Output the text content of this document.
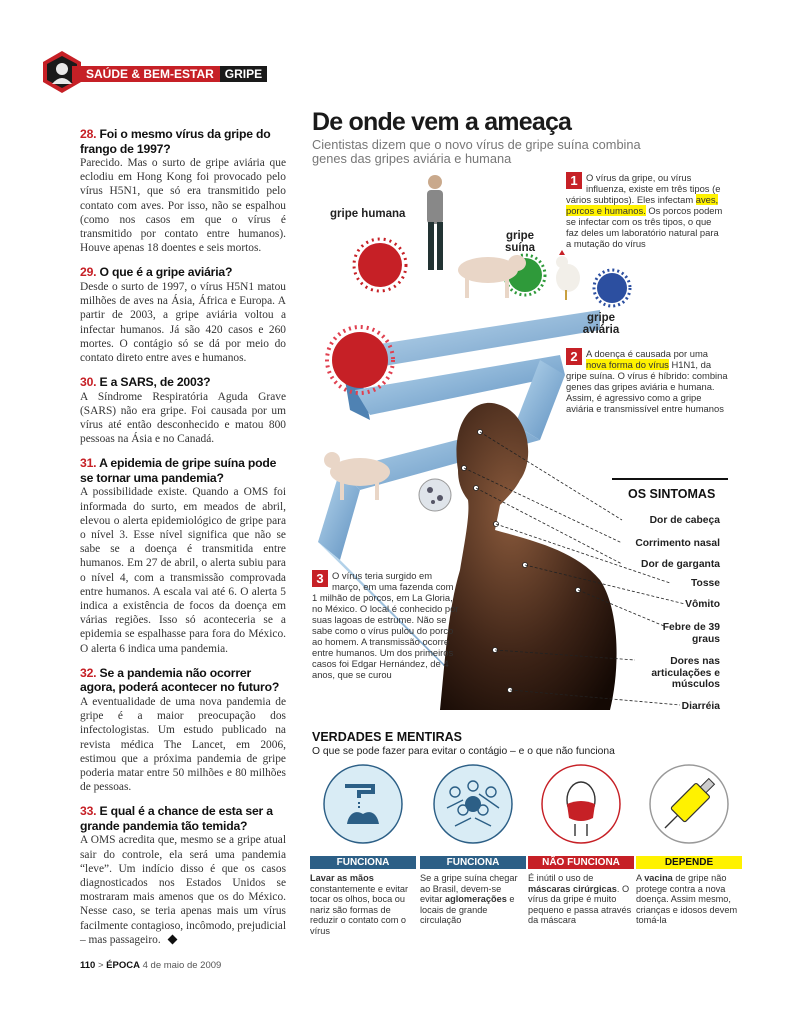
SAÚDE & BEM-ESTAR GRIPE
28. Foi o mesmo vírus da gripe do frango de 1997?

Parecido. Mas o surto de gripe aviária que eclodiu em Hong Kong foi provocado pelo vírus H5N1, que só era transmitido pelo contato com aves. Por isso, não se espalhou (como nos casos em que o vírus é transmitido por contato entre humanos). Houve apenas 18 doentes e seis mortos.

29. O que é a gripe aviária?

Desde o surto de 1997, o vírus H5N1 matou milhões de aves na Ásia, África e Europa. A partir de 2003, a gripe aviária voltou a infectar humanos. Já são 420 casos e 260 mortes. O contágio só se dá por meio do contato direto entre aves e humanos.

30. E a SARS, de 2003?

A Síndrome Respiratória Aguda Grave (SARS) não era gripe. Foi causada por um vírus até então desconhecido e matou 800 pessoas na Ásia e no Canadá.

31. A epidemia de gripe suína pode se tornar uma pandemia?

A possibilidade existe. Quando a OMS foi informada do surto, em meados de abril, elevou o alerta epidemiológico de gripe para o nível 3. Esse nível significa que não se sabe se a doença é transmitida entre humanos. Em 27 de abril, o alerta subiu para o nível 4, com a transmissão comprovada entre humanos. A escala vai até 6. O alerta 5 indica a existência de focos da doença em várias regiões. Isso só aconteceria se a epidemia se espalhasse para fora do México. O alerta 6 indica uma pandemia.

32. Se a pandemia não ocorrer agora, poderá acontecer no futuro?

A eventualidade de uma nova pandemia de gripe é a maior preocupação dos infectologistas. Um estudo publicado na revista médica The Lancet, em 2006, estimou que a próxima pandemia de gripe poderia matar entre 50 milhões e 80 milhões de pessoas.

33. E qual é a chance de esta ser a grande pandemia tão temida?

A OMS acredita que, mesmo se a gripe atual sair do controle, ela será uma pandemia “leve”. Um indício disso é que os casos diagnosticados nos Estados Unidos se mostraram mais amenos que os do México. Nesse caso, se teria apenas mais um vírus facilmente contagioso, incômodo, prejudicial – mas passageiro.

De onde vem a ameaça
Cientistas dizem que o novo vírus de gripe suína combina genes das gripes aviária e humana
gripe humana
gripe suína
gripe aviária
1 O vírus da gripe, ou vírus influenza, existe em três tipos (e vários subtipos). Eles infectam aves, porcos e humanos. Os porcos podem se infectar com os três tipos, o que faz deles um laboratório natural para a mutação do vírus
2 A doença é causada por uma nova forma do vírus H1N1, da gripe suína. O vírus é híbrido: combina genes das gripes aviária e humana. Assim, é agressivo como a gripe aviária e transmissível entre humanos
3 O vírus teria surgido em março, em uma fazenda com 1 milhão de porcos, em La Gloria, no México. O local é conhecido por suas lagoas de estrume. Não se sabe como o vírus pulou do porco ao homem. A transmissão ocorre entre humanos. Um dos primeiros casos foi Edgar Hernández, de 4 anos, que se curou
OS SINTOMAS
Dor de cabeça
Corrimento nasal
Dor de garganta
Tosse
Vômito
Febre de 39 graus
Dores nas articulações e músculos
Diarréia
VERDADES E MENTIRAS
O que se pode fazer para evitar o contágio – e o que não funciona
FUNCIONA
Lavar as mãos constantemente e evitar tocar os olhos, boca ou nariz são formas de reduzir o contato com o vírus
FUNCIONA
Se a gripe suína chegar ao Brasil, devem-se evitar aglomerações e locais de grande circulação
NÃO FUNCIONA
É inútil o uso de máscaras cirúrgicas. O vírus da gripe é muito pequeno e passa através da máscara
DEPENDE
A vacina de gripe não protege contra a nova doença. Assim mesmo, crianças e idosos devem tomá-la
110 > ÉPOCA 4 de maio de 2009
